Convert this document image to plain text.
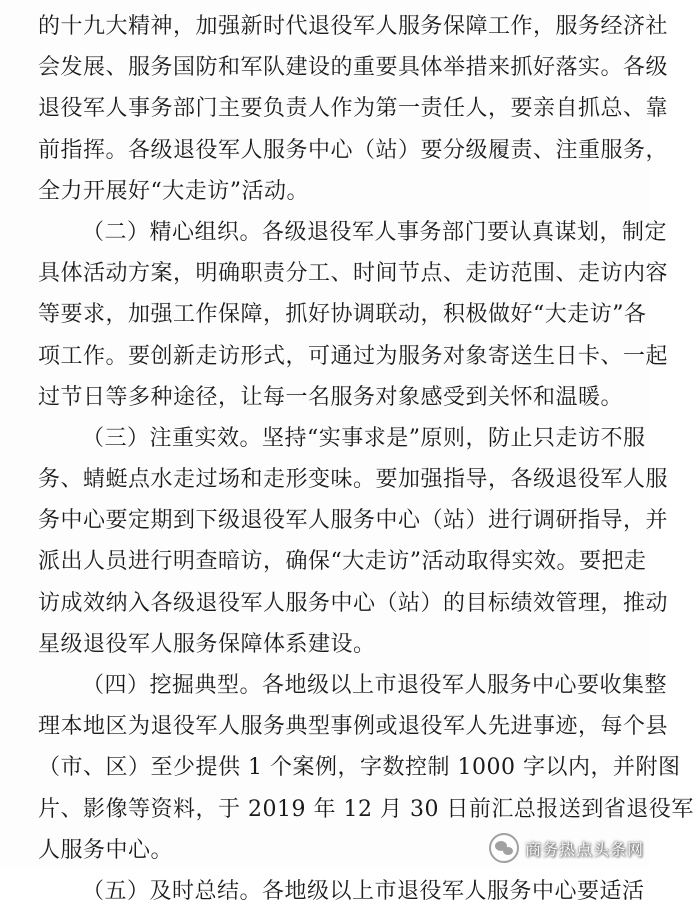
的十九大精神，加强新时代退役军人服务保障工作，服务经济社
会发展、服务国防和军队建设的重要具体举措来抓好落实。各级
退役军人事务部门主要负责人作为第一责任人，要亲自抓总、靠
前指挥。各级退役军人服务中心（站）要分级履责、注重服务，
全力开展好“大走访”活动。
（二）精心组织。各级退役军人事务部门要认真谋划，制定
具体活动方案，明确职责分工、时间节点、走访范围、走访内容
等要求，加强工作保障，抓好协调联动，积极做好“大走访”各
项工作。要创新走访形式，可通过为服务对象寄送生日卡、一起
过节日等多种途径，让每一名服务对象感受到关怀和温暖。
（三）注重实效。坚持“实事求是”原则，防止只走访不服
务、蜻蜓点水走过场和走形变味。要加强指导，各级退役军人服
务中心要定期到下级退役军人服务中心（站）进行调研指导，并
派出人员进行明查暗访，确保“大走访”活动取得实效。要把走
访成效纳入各级退役军人服务中心（站）的目标绩效管理，推动
星级退役军人服务保障体系建设。
（四）挖掘典型。各地级以上市退役军人服务中心要收集整
理本地区为退役军人服务典型事例或退役军人先进事迹，每个县
（市、区）至少提供 1 个案例，字数控制 1000 字以内，并附图
片、影像等资料，于 2019 年 12 月 30 日前汇总报送到省退役军
人服务中心。
（五）及时总结。各地级以上市退役军人服务中心要适活
商务热点头条网
